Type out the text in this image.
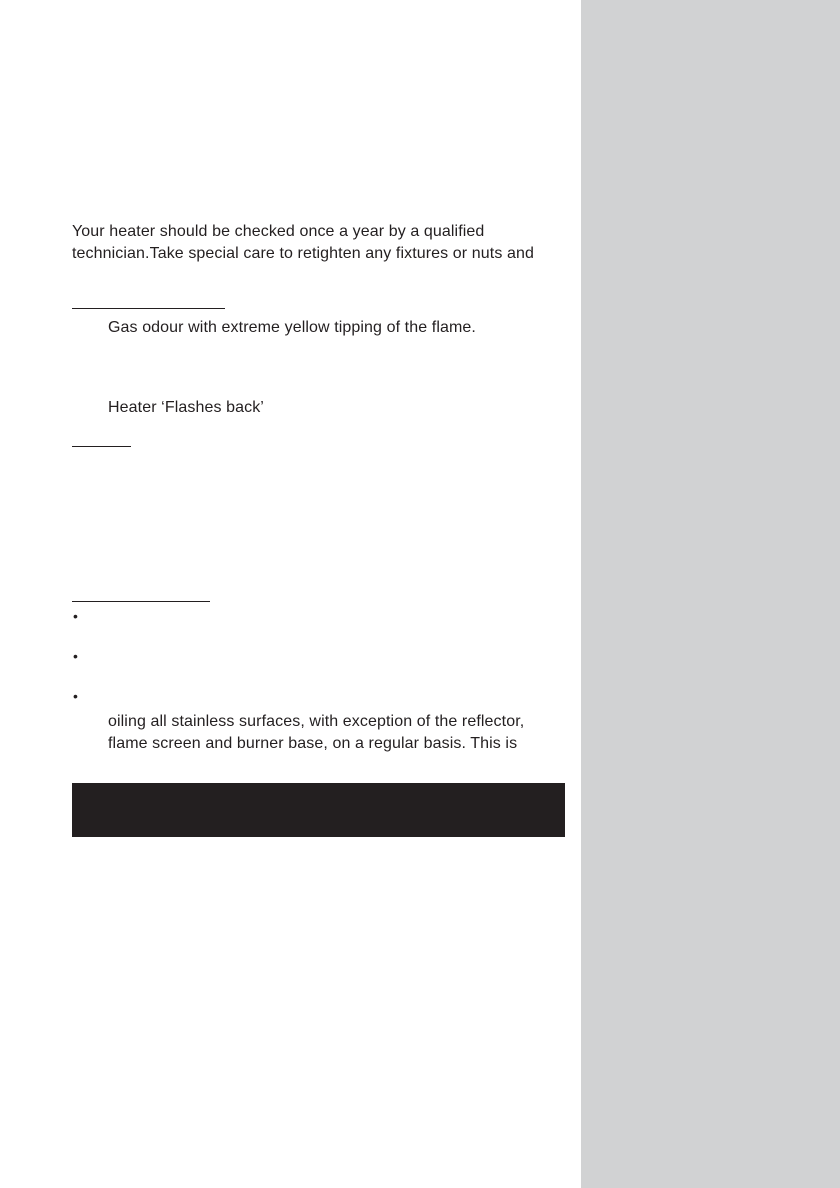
Your heater should be checked once a year by a qualified
technician.Take special care to retighten any fixtures or nuts and
Gas odour with extreme yellow tipping of the flame.
Heater ‘Flashes back’
•
•
•
oiling all stainless surfaces, with exception of the reflector,
flame screen and burner base, on a regular basis. This is
